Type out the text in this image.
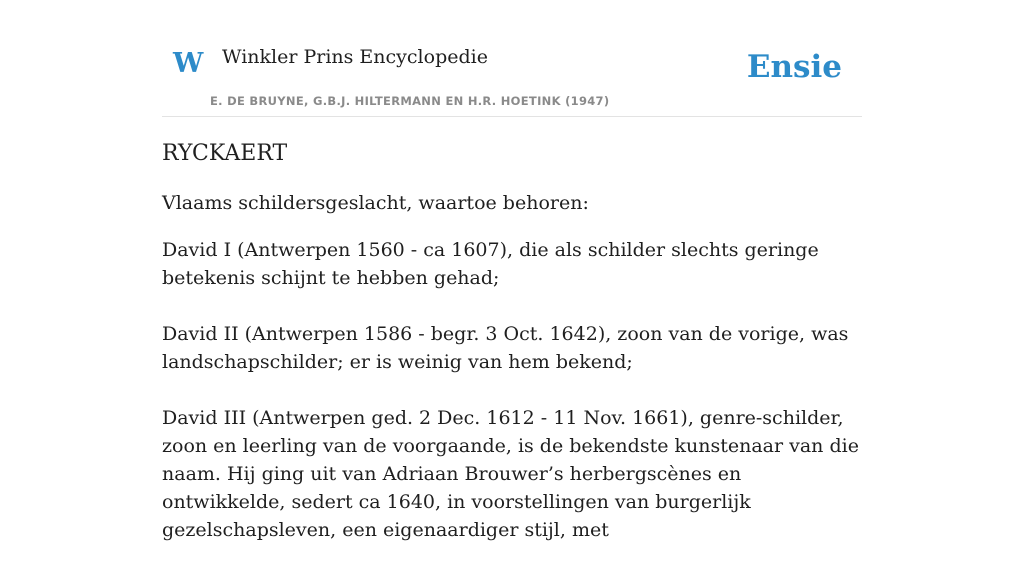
W Winkler Prins Encyclopedie
E. DE BRUYNE, G.B.J. HILTERMANN EN H.R. HOETINK (1947)
Ensie
RYCKAERT

Vlaams schildersgeslacht, waartoe behoren:

David I (Antwerpen 1560 - ca 1607), die als schilder slechts geringe betekenis schijnt te hebben gehad;

David II (Antwerpen 1586 - begr. 3 Oct. 1642), zoon van de vorige, was landschapschilder; er is weinig van hem bekend;

David III (Antwerpen ged. 2 Dec. 1612 - 11 Nov. 1661), genre-schilder, zoon en leerling van de voorgaande, is de bekendste kunstenaar van die naam. Hij ging uit van Adriaan Brouwer’s herbergscènes en ontwikkelde, sedert ca 1640, in voorstellingen van burgerlijk gezelschapsleven, een eigenaardiger stijl, met
